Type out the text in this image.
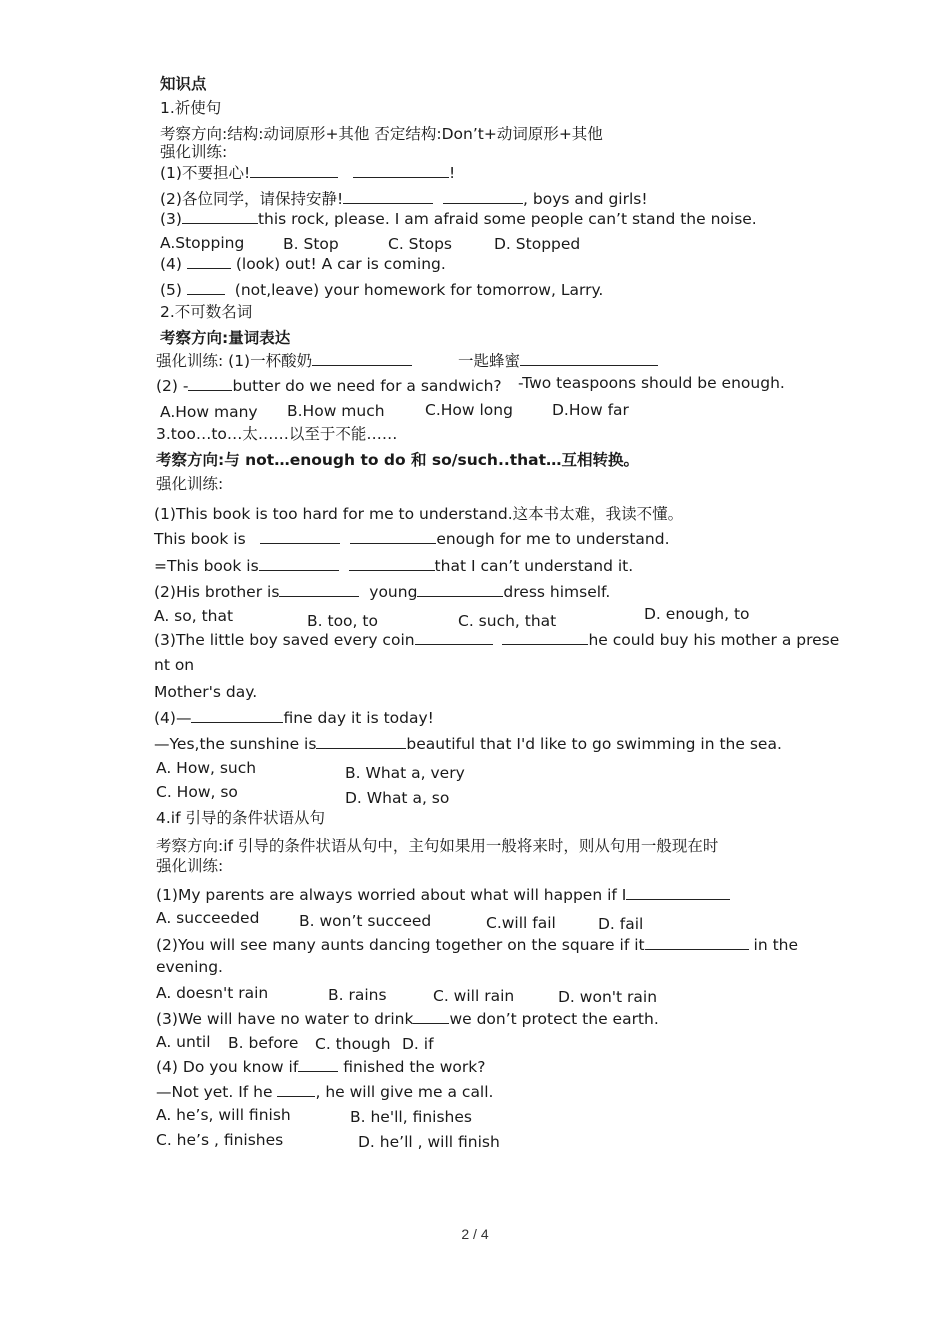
知识点
1.祈使句
考察方向:结构:动词原形+其他 否定结构:Don’t+动词原形+其他
强化训练:
(1)不要担心!	!
(2)各位同学，请保持安静!	, boys and girls!
(3)	this rock, please. I am afraid some people can’t stand the noise.
A.Stopping B. Stop	C. Stops	D. Stopped
(4)	(look) out! A car is coming.
(5)	(not,leave) your homework for tomorrow, Larry.
2.不可数名词
考察方向:量词表达
强化训练: (1)一杯酸奶	一匙蜂蜜
(2) -	butter do we need for a sandwich? -Two teaspoons should be enough.
A.How many B.How much	C.How long	D.How far
3.too…to…太……以至于不能……
考察方向:与 not…enough to do 和 so/such..that…互相转换。
强化训练:
(1)This book is too hard for me to understand.这本书太难，我读不懂。
This book is	enough for me to understand.
=This book is	that I can’t understand it.
(2)His brother is	young	dress himself.
A. so, that	B. too, to	C. such, that	D. enough, to
(3)The little boy saved every coin	he could buy his mother a prese
nt on
Mother's day.
(4)—	fine day it is today!
—Yes,the sunshine is	beautiful that I'd like to go swimming in the sea.
A. How, such	B. What a, very
C. How, so	D. What a, so
4.if 引导的条件状语从句
考察方向:if 引导的条件状语从句中，主句如果用一般将来时，则从句用一般现在时
强化训练:
(1)My parents are always worried about what will happen if I
A. succeeded	B. won’t succeed	C.will fail	D. fail
(2)You will see many aunts dancing together on the square if it	in the
evening.
A. doesn't rain	B. rains	C. will rain	D. won't rain
(3)We will have no water to drink we don’t protect the earth.
A. until B. before C. though D. if
(4) Do you know if	finished the work?
—Not yet. If he	, he will give me a call.
A. he’s, will finish	B. he'll, finishes
C. he’s , finishes	D. he’ll , will finish
2 / 4
